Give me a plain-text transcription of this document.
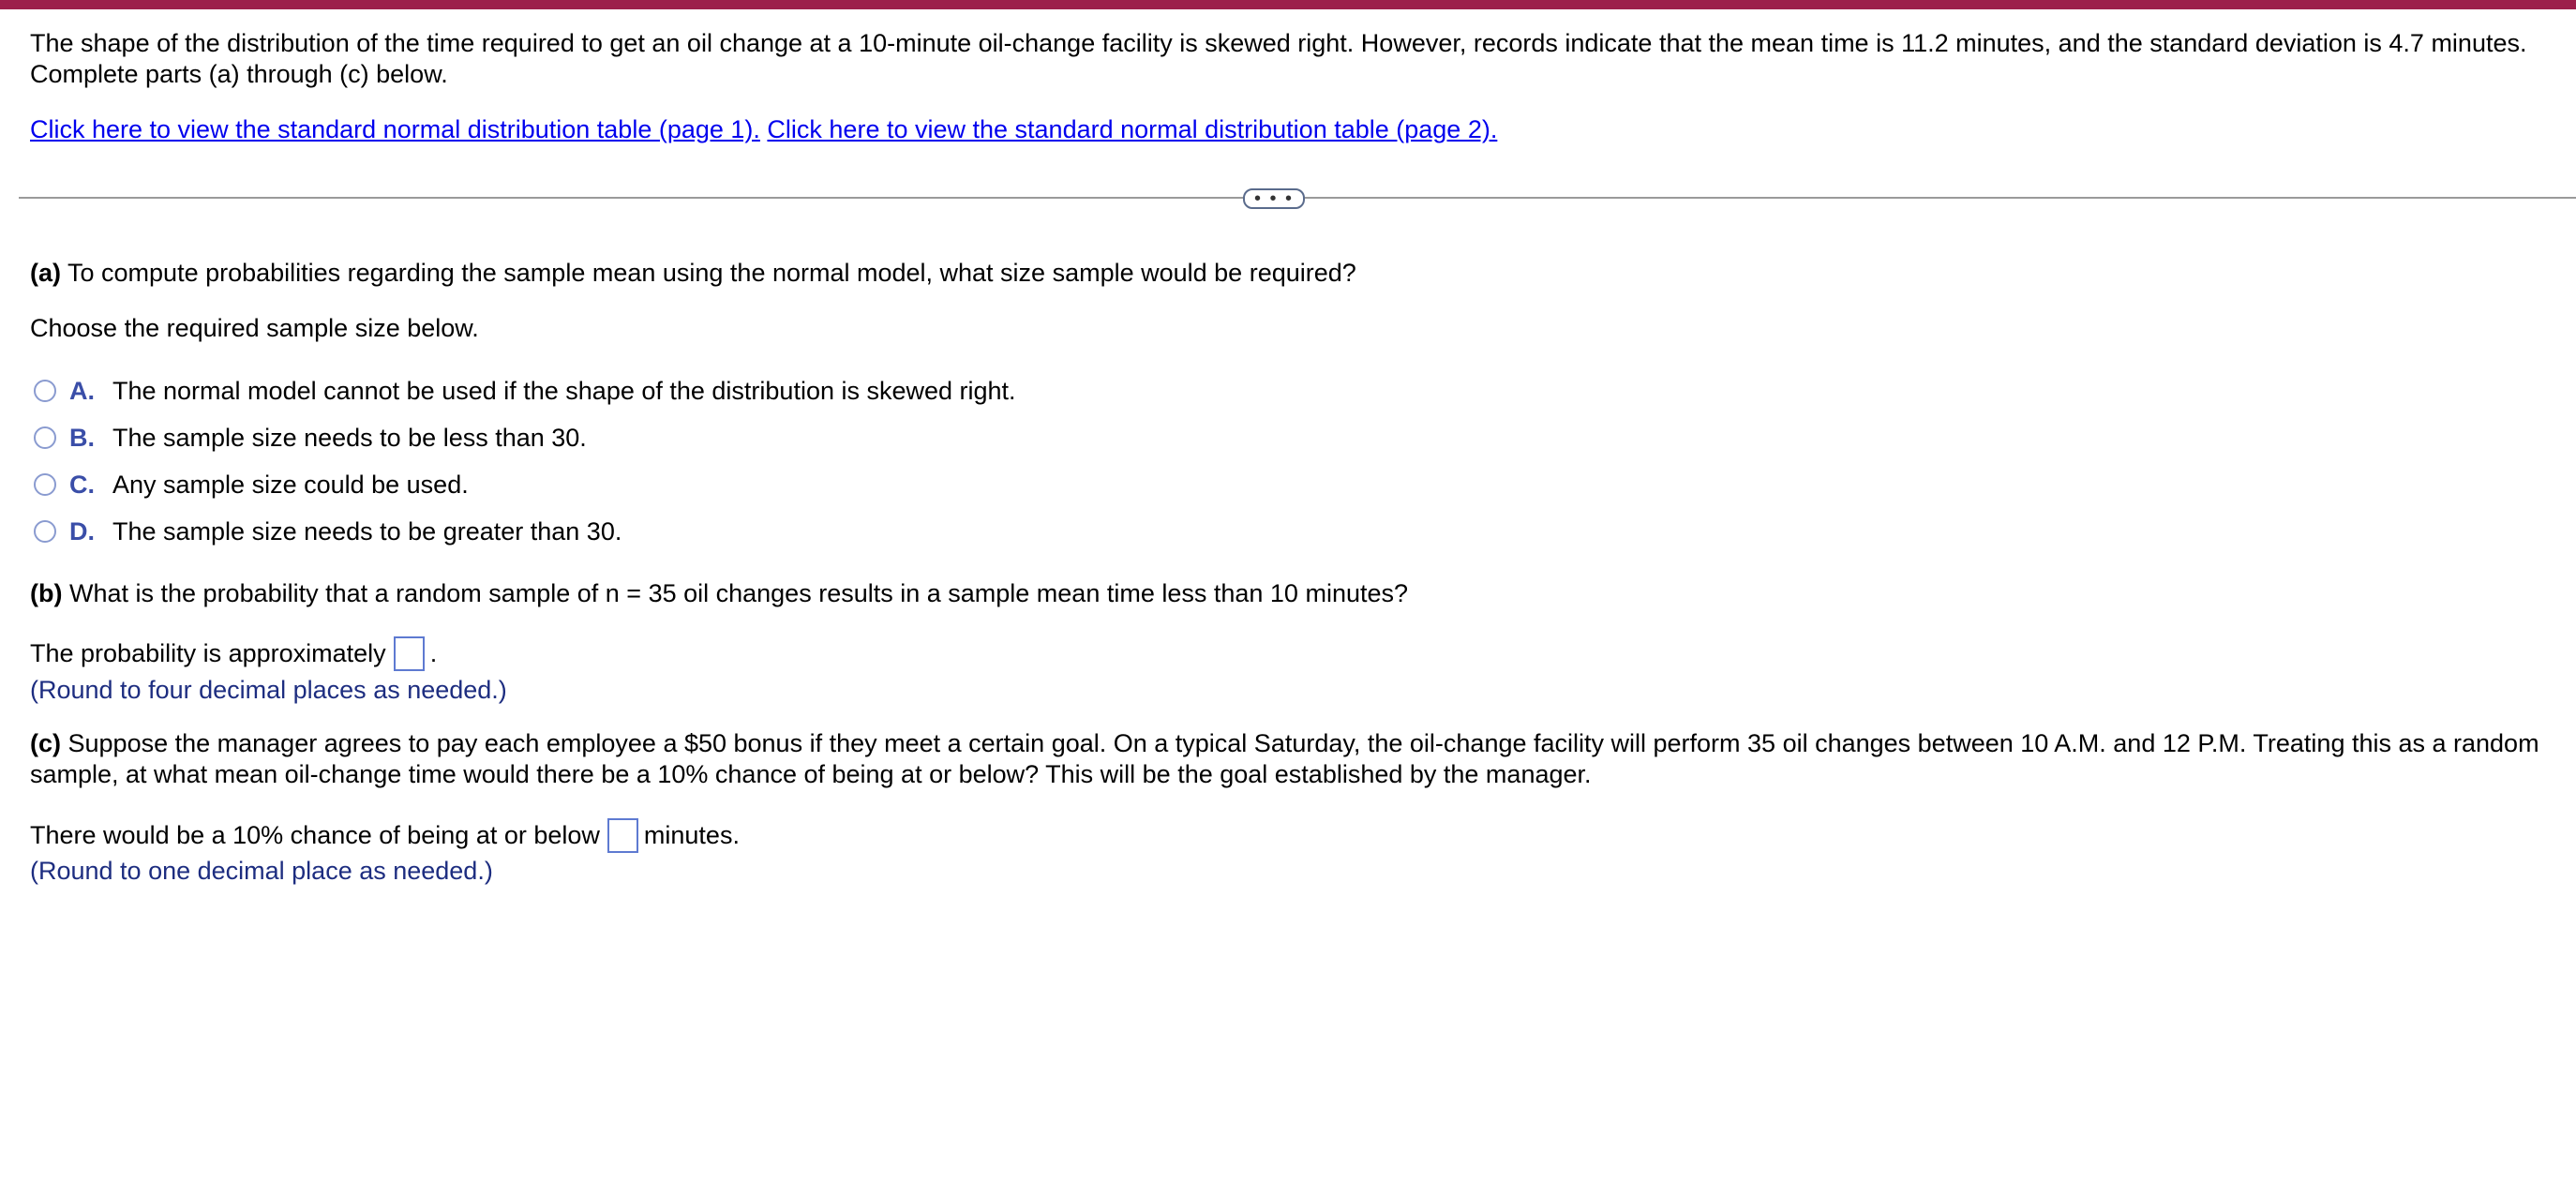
The shape of the distribution of the time required to get an oil change at a 10-minute oil-change facility is skewed right. However, records indicate that the mean time is 11.2 minutes, and the standard deviation is 4.7 minutes. Complete parts (a) through (c) below.

Click here to view the standard normal distribution table (page 1). Click here to view the standard normal distribution table (page 2).

• • •

(a) To compute probabilities regarding the sample mean using the normal model, what size sample would be required?

Choose the required sample size below.

A. The normal model cannot be used if the shape of the distribution is skewed right.
B. The sample size needs to be less than 30.
C. Any sample size could be used.
D. The sample size needs to be greater than 30.

(b) What is the probability that a random sample of n = 35 oil changes results in a sample mean time less than 10 minutes?

The probability is approximately .

(Round to four decimal places as needed.)

(c) Suppose the manager agrees to pay each employee a $50 bonus if they meet a certain goal. On a typical Saturday, the oil-change facility will perform 35 oil changes between 10 A.M. and 12 P.M. Treating this as a random sample, at what mean oil-change time would there be a 10% chance of being at or below? This will be the goal established by the manager.

There would be a 10% chance of being at or below minutes.

(Round to one decimal place as needed.)
